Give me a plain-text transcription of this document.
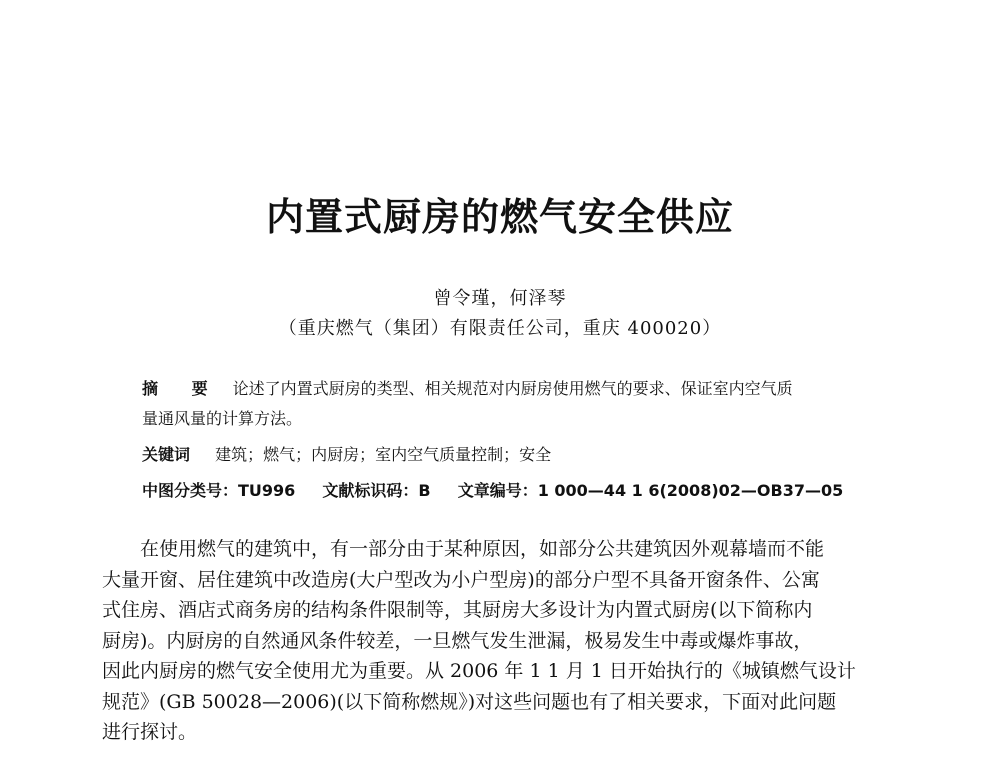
内置式厨房的燃气安全供应
曾令瑾，何泽琴
（重庆燃气（集团）有限责任公司，重庆 400020）
摘 要 论述了内置式厨房的类型、相关规范对内厨房使用燃气的要求、保证室内空气质
量通风量的计算方法。
关键词 建筑；燃气；内厨房；室内空气质量控制；安全
中图分类号：TU996 文献标识码：B 文章编号：1 000—44 1 6(2008)02—OB37—05
　　在使用燃气的建筑中，有一部分由于某种原因，如部分公共建筑因外观幕墙而不能
大量开窗、居住建筑中改造房(大户型改为小户型房)的部分户型不具备开窗条件、公寓
式住房、酒店式商务房的结构条件限制等，其厨房大多设计为内置式厨房(以下简称内
厨房)。内厨房的自然通风条件较差，一旦燃气发生泄漏，极易发生中毒或爆炸事故，
因此内厨房的燃气安全使用尤为重要。从 2006 年 1 1 月 1 日开始执行的《城镇燃气设计
规范》(GB 50028—2006)(以下简称燃规》)对这些问题也有了相关要求，下面对此问题
进行探讨。
